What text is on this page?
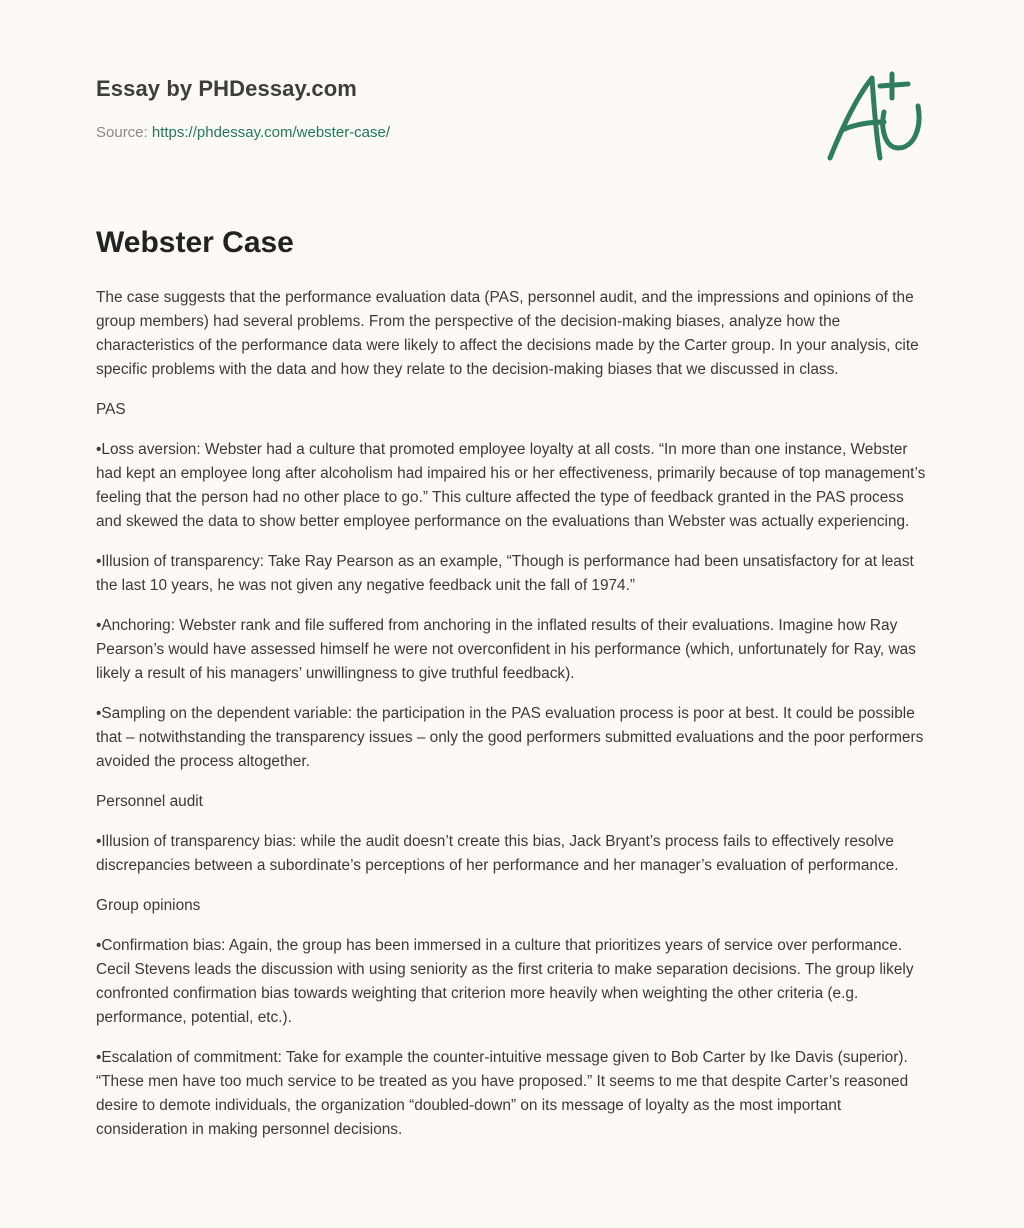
Essay by PHDessay.com
Source: https://phdessay.com/webster-case/
Webster Case

The case suggests that the performance evaluation data (PAS, personnel audit, and the impressions and opinions of the group members) had several problems. From the perspective of the decision-making biases, analyze how the characteristics of the performance data were likely to affect the decisions made by the Carter group. In your analysis, cite specific problems with the data and how they relate to the decision-making biases that we discussed in class.

PAS

•Loss aversion: Webster had a culture that promoted employee loyalty at all costs. “In more than one instance, Webster had kept an employee long after alcoholism had impaired his or her effectiveness, primarily because of top management’s feeling that the person had no other place to go.” This culture affected the type of feedback granted in the PAS process and skewed the data to show better employee performance on the evaluations than Webster was actually experiencing.

•Illusion of transparency: Take Ray Pearson as an example, “Though is performance had been unsatisfactory for at least the last 10 years, he was not given any negative feedback unit the fall of 1974.”

•Anchoring: Webster rank and file suffered from anchoring in the inflated results of their evaluations. Imagine how Ray Pearson’s would have assessed himself he were not overconfident in his performance (which, unfortunately for Ray, was likely a result of his managers’ unwillingness to give truthful feedback).

•Sampling on the dependent variable: the participation in the PAS evaluation process is poor at best. It could be possible that – notwithstanding the transparency issues – only the good performers submitted evaluations and the poor performers avoided the process altogether.

Personnel audit

•Illusion of transparency bias: while the audit doesn’t create this bias, Jack Bryant’s process fails to effectively resolve discrepancies between a subordinate’s perceptions of her performance and her manager’s evaluation of performance.

Group opinions

•Confirmation bias: Again, the group has been immersed in a culture that prioritizes years of service over performance. Cecil Stevens leads the discussion with using seniority as the first criteria to make separation decisions. The group likely confronted confirmation bias towards weighting that criterion more heavily when weighting the other criteria (e.g. performance, potential, etc.).

•Escalation of commitment: Take for example the counter-intuitive message given to Bob Carter by Ike Davis (superior). “These men have too much service to be treated as you have proposed.” It seems to me that despite Carter’s reasoned desire to demote individuals, the organization “doubled-down” on its message of loyalty as the most important consideration in making personnel decisions.
